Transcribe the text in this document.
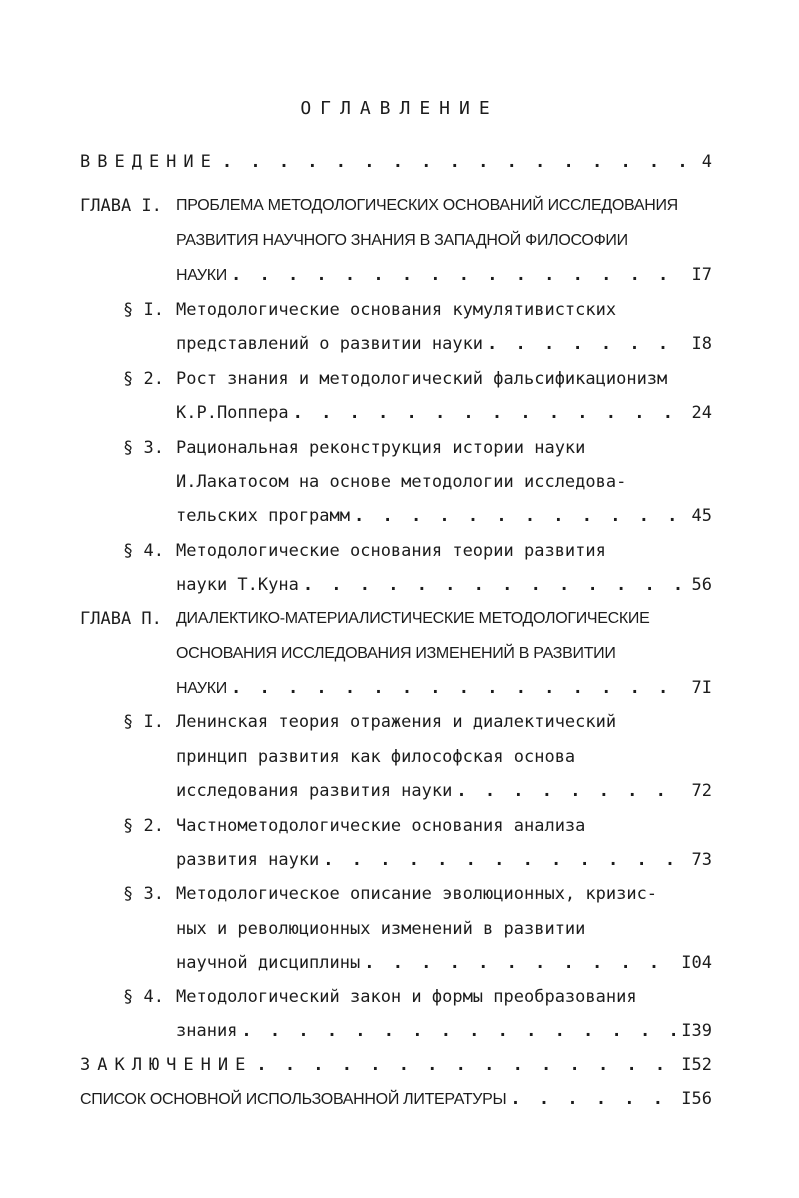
ОГЛАВЛЕНИЕ
ВВЕДЕНИЕ . . .	4
ГЛАВА I. ПРОБЛЕМА МЕТОДОЛОГИЧЕСКИХ ОСНОВАНИЙ ИССЛЕДОВАНИЯ
РАЗВИТИЯ НАУЧНОГО ЗНАНИЯ В ЗАПАДНОЙ ФИЛОСОФИИ
НАУКИ . . .	I7
§ I. Методологические основания кумулятивистских
представлений о развитии науки . . .	I8
§ 2. Рост знания и методологический фальсификационизм
К.Р.Поппера . . .	24
§ 3. Рациональная реконструкция истории науки
И.Лакатосом на основе методологии исследова-
тельских программ . . .	45
§ 4. Методологические основания теории развития
науки Т.Куна . . .	56
ГЛАВА П. ДИАЛЕКТИКО-МАТЕРИАЛИСТИЧЕСКИЕ МЕТОДОЛОГИЧЕСКИЕ
ОСНОВАНИЯ ИССЛЕДОВАНИЯ ИЗМЕНЕНИЙ В РАЗВИТИИ
НАУКИ . . .	7I
§ I. Ленинская теория отражения и диалектический
принцип развития как философская основа
исследования развития науки . . .	72
§ 2. Частнометодологические основания анализа
развития науки . . .	73
§ 3. Методологическое описание эволюционных, кризис-
ных и революционных изменений в развитии
научной дисциплины . . .	I04
§ 4. Методологический закон и формы преобразования
знания . . .	I39
ЗАКЛЮЧЕНИЕ . . .	I52
СПИСОК ОСНОВНОЙ ИСПОЛЬЗОВАННОЙ ЛИТЕРАТУРЫ . . .	I56
